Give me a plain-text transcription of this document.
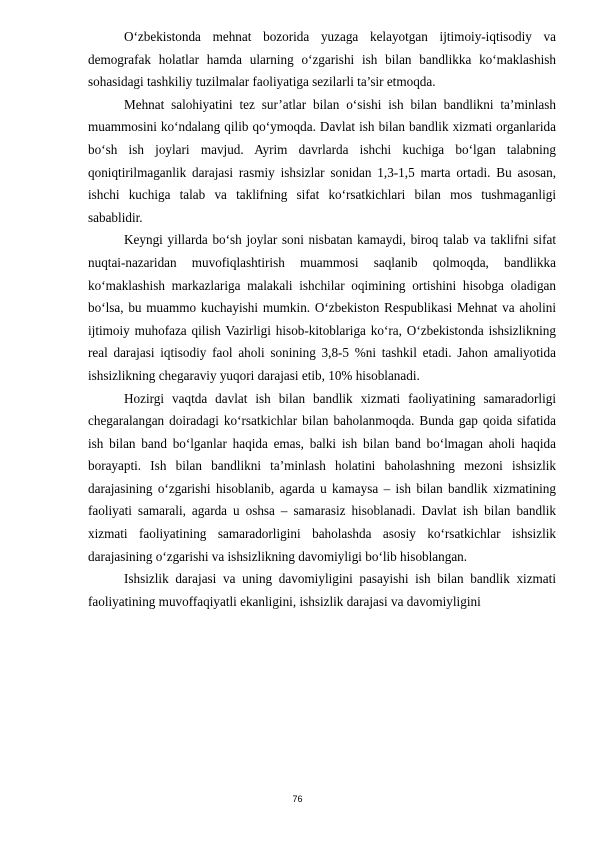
O‘zbekistonda mehnat bozorida yuzaga kelayotgan ijtimoiy-iqtisodiy va demografak holatlar hamda ularning o‘zgarishi ish bilan bandlikka ko‘maklashish sohasidagi tashkiliy tuzilmalar faoliyatiga sezilarli ta’sir etmoqda.

Mehnat salohiyatini tez sur’atlar bilan o‘sishi ish bilan bandlikni ta’minlash muammosini ko‘ndalang qilib qo‘ymoqda. Davlat ish bilan bandlik xizmati organlarida bo‘sh ish joylari mavjud. Ayrim davrlarda ishchi kuchiga bo‘lgan talabning qoniqtirilmaganlik darajasi rasmiy ishsizlar sonidan 1,3-1,5 marta ortadi. Bu asosan, ishchi kuchiga talab va taklifning sifat ko‘rsatkichlari bilan mos tushmaganligi sabablidir.

Keyngi yillarda bo‘sh joylar soni nisbatan kamaydi, biroq talab va taklifni sifat nuqtai-nazaridan muvofiqlashtirish muammosi saqlanib qolmoqda, bandlikka ko‘maklashish markazlariga malakali ishchilar oqimining ortishini hisobga oladigan bo‘lsa, bu muammo kuchayishi mumkin. O‘zbekiston Respublikasi Mehnat va aholini ijtimoiy muhofaza qilish Vazirligi hisob-kitoblariga ko‘ra, O‘zbekistonda ishsizlikning real darajasi iqtisodiy faol aholi sonining 3,8-5 %ni tashkil etadi. Jahon amaliyotida ishsizlikning chegaraviy yuqori darajasi etib, 10% hisoblanadi.

Hozirgi vaqtda davlat ish bilan bandlik xizmati faoliyatining samaradorligi chegaralangan doiradagi ko‘rsatkichlar bilan baholanmoqda. Bunda gap qoida sifatida ish bilan band bo‘lganlar haqida emas, balki ish bilan band bo‘lmagan aholi haqida borayapti. Ish bilan bandlikni ta’minlash holatini baholashning mezoni ishsizlik darajasining o‘zgarishi hisoblanib, agarda u kamaysa – ish bilan bandlik xizmatining faoliyati samarali, agarda u oshsa – samarasiz hisoblanadi. Davlat ish bilan bandlik xizmati faoliyatining samaradorligini baholashda asosiy ko‘rsatkichlar ishsizlik darajasining o‘zgarishi va ishsizlikning davomiyligi bo‘lib hisoblangan.

Ishsizlik darajasi va uning davomiyligini pasayishi ish bilan bandlik xizmati faoliyatining muvoffaqiyatli ekanligini, ishsizlik darajasi va davomiyligini

76
